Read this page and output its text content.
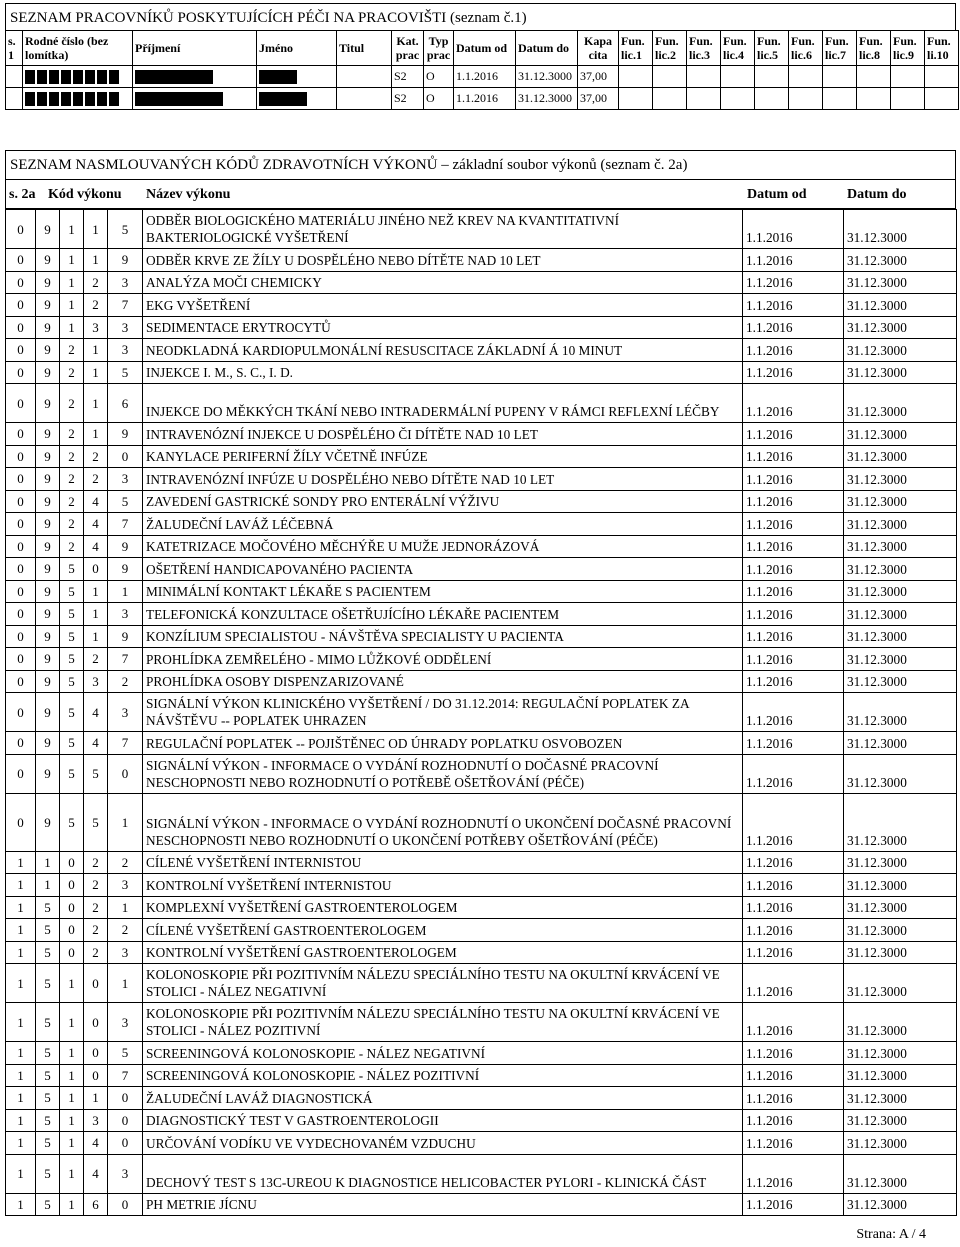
SEZNAM PRACOVNÍKŮ POSKYTUJÍCÍCH PÉČI NA PRACOVIŠTI (seznam č.1)
s. 1	Rodné číslo (bez lomítka)	Příjmení	Jméno	Titul	Kat. prac	Typ prac	Datum od	Datum do	Kapa cita	Fun. lic.1	Fun. lic.2	Fun. lic.3	Fun. lic.4	Fun. lic.5	Fun. lic.6	Fun. lic.7	Fun. lic.8	Fun. lic.9	Fun. li.10
					S2	O	1.1.2016	31.12.3000	37,00										
					S2	O	1.1.2016	31.12.3000	37,00										
SEZNAM NASMLOUVANÝCH KÓDŮ ZDRAVOTNÍCH VÝKONŮ – základní soubor výkonů (seznam č. 2a)
s. 2a Kód výkonu Název výkonu	Datum od	Datum do
0	9	1	1	5	ODBĚR BIOLOGICKÉHO MATERIÁLU JINÉHO NEŽ KREV NA KVANTITATIVNÍ BAKTERIOLOGICKÉ VYŠETŘENÍ	1.1.2016	31.12.3000
0	9	1	1	9	ODBĚR KRVE ZE ŽÍLY U DOSPĚLÉHO NEBO DÍTĚTE NAD 10 LET	1.1.2016	31.12.3000
0	9	1	2	3	ANALÝZA MOČI CHEMICKY	1.1.2016	31.12.3000
0	9	1	2	7	EKG VYŠETŘENÍ	1.1.2016	31.12.3000
0	9	1	3	3	SEDIMENTACE ERYTROCYTŮ	1.1.2016	31.12.3000
0	9	2	1	3	NEODKLADNÁ KARDIOPULMONÁLNÍ RESUSCITACE ZÁKLADNÍ Á 10 MINUT	1.1.2016	31.12.3000
0	9	2	1	5	INJEKCE I. M., S. C., I. D.	1.1.2016	31.12.3000
0	9	2	1	6	INJEKCE DO MĚKKÝCH TKÁNÍ NEBO INTRADERMÁLNÍ PUPENY V RÁMCI REFLEXNÍ LÉČBY	1.1.2016	31.12.3000
0	9	2	1	9	INTRAVENÓZNÍ INJEKCE U DOSPĚLÉHO ČI DÍTĚTE NAD 10 LET	1.1.2016	31.12.3000
0	9	2	2	0	KANYLACE PERIFERNÍ ŽÍLY VČETNĚ INFÚZE	1.1.2016	31.12.3000
0	9	2	2	3	INTRAVENÓZNÍ INFÚZE U DOSPĚLÉHO NEBO DÍTĚTE NAD 10 LET	1.1.2016	31.12.3000
0	9	2	4	5	ZAVEDENÍ GASTRICKÉ SONDY PRO ENTERÁLNÍ VÝŽIVU	1.1.2016	31.12.3000
0	9	2	4	7	ŽALUDEČNÍ LAVÁŽ LÉČEBNÁ	1.1.2016	31.12.3000
0	9	2	4	9	KATETRIZACE MOČOVÉHO MĚCHÝŘE U MUŽE JEDNORÁZOVÁ	1.1.2016	31.12.3000
0	9	5	0	9	OŠETŘENÍ HANDICAPOVANÉHO PACIENTA	1.1.2016	31.12.3000
0	9	5	1	1	MINIMÁLNÍ KONTAKT LÉKAŘE S PACIENTEM	1.1.2016	31.12.3000
0	9	5	1	3	TELEFONICKÁ KONZULTACE OŠETŘUJÍCÍHO LÉKAŘE PACIENTEM	1.1.2016	31.12.3000
0	9	5	1	9	KONZÍLIUM SPECIALISTOU - NÁVŠTĚVA SPECIALISTY U PACIENTA	1.1.2016	31.12.3000
0	9	5	2	7	PROHLÍDKA ZEMŘELÉHO - MIMO LŮŽKOVÉ ODDĚLENÍ	1.1.2016	31.12.3000
0	9	5	3	2	PROHLÍDKA OSOBY DISPENZARIZOVANÉ	1.1.2016	31.12.3000
0	9	5	4	3	SIGNÁLNÍ VÝKON KLINICKÉHO VYŠETŘENÍ / DO 31.12.2014: REGULAČNÍ POPLATEK ZA NÁVŠTĚVU -- POPLATEK UHRAZEN	1.1.2016	31.12.3000
0	9	5	4	7	REGULAČNÍ POPLATEK -- POJIŠTĚNEC OD ÚHRADY POPLATKU OSVOBOZEN	1.1.2016	31.12.3000
0	9	5	5	0	SIGNÁLNÍ VÝKON - INFORMACE O VYDÁNÍ ROZHODNUTÍ O DOČASNÉ PRACOVNÍ NESCHOPNOSTI NEBO ROZHODNUTÍ O POTŘEBĚ OŠETŘOVÁNÍ (PÉČE)	1.1.2016	31.12.3000
0	9	5	5	1	SIGNÁLNÍ VÝKON - INFORMACE O VYDÁNÍ ROZHODNUTÍ O UKONČENÍ DOČASNÉ PRACOVNÍ NESCHOPNOSTI NEBO ROZHODNUTÍ O UKONČENÍ POTŘEBY OŠETŘOVÁNÍ (PÉČE)	1.1.2016	31.12.3000
1	1	0	2	2	CÍLENÉ VYŠETŘENÍ INTERNISTOU	1.1.2016	31.12.3000
1	1	0	2	3	KONTROLNÍ VYŠETŘENÍ INTERNISTOU	1.1.2016	31.12.3000
1	5	0	2	1	KOMPLEXNÍ VYŠETŘENÍ GASTROENTEROLOGEM	1.1.2016	31.12.3000
1	5	0	2	2	CÍLENÉ VYŠETŘENÍ GASTROENTEROLOGEM	1.1.2016	31.12.3000
1	5	0	2	3	KONTROLNÍ VYŠETŘENÍ GASTROENTEROLOGEM	1.1.2016	31.12.3000
1	5	1	0	1	KOLONOSKOPIE PŘI POZITIVNÍM NÁLEZU SPECIÁLNÍHO TESTU NA OKULTNÍ KRVÁCENÍ VE STOLICI - NÁLEZ NEGATIVNÍ	1.1.2016	31.12.3000
1	5	1	0	3	KOLONOSKOPIE PŘI POZITIVNÍM NÁLEZU SPECIÁLNÍHO TESTU NA OKULTNÍ KRVÁCENÍ VE STOLICI - NÁLEZ POZITIVNÍ	1.1.2016	31.12.3000
1	5	1	0	5	SCREENINGOVÁ KOLONOSKOPIE - NÁLEZ NEGATIVNÍ	1.1.2016	31.12.3000
1	5	1	0	7	SCREENINGOVÁ KOLONOSKOPIE - NÁLEZ POZITIVNÍ	1.1.2016	31.12.3000
1	5	1	1	0	ŽALUDEČNÍ LAVÁŽ DIAGNOSTICKÁ	1.1.2016	31.12.3000
1	5	1	3	0	DIAGNOSTICKÝ TEST V GASTROENTEROLOGII	1.1.2016	31.12.3000
1	5	1	4	0	URČOVÁNÍ VODÍKU VE VYDECHOVANÉM VZDUCHU	1.1.2016	31.12.3000
1	5	1	4	3	DECHOVÝ TEST S 13C-UREOU K DIAGNOSTICE HELICOBACTER PYLORI - KLINICKÁ ČÁST	1.1.2016	31.12.3000
1	5	1	6	0	PH METRIE JÍCNU	1.1.2016	31.12.3000
Strana: A / 4
